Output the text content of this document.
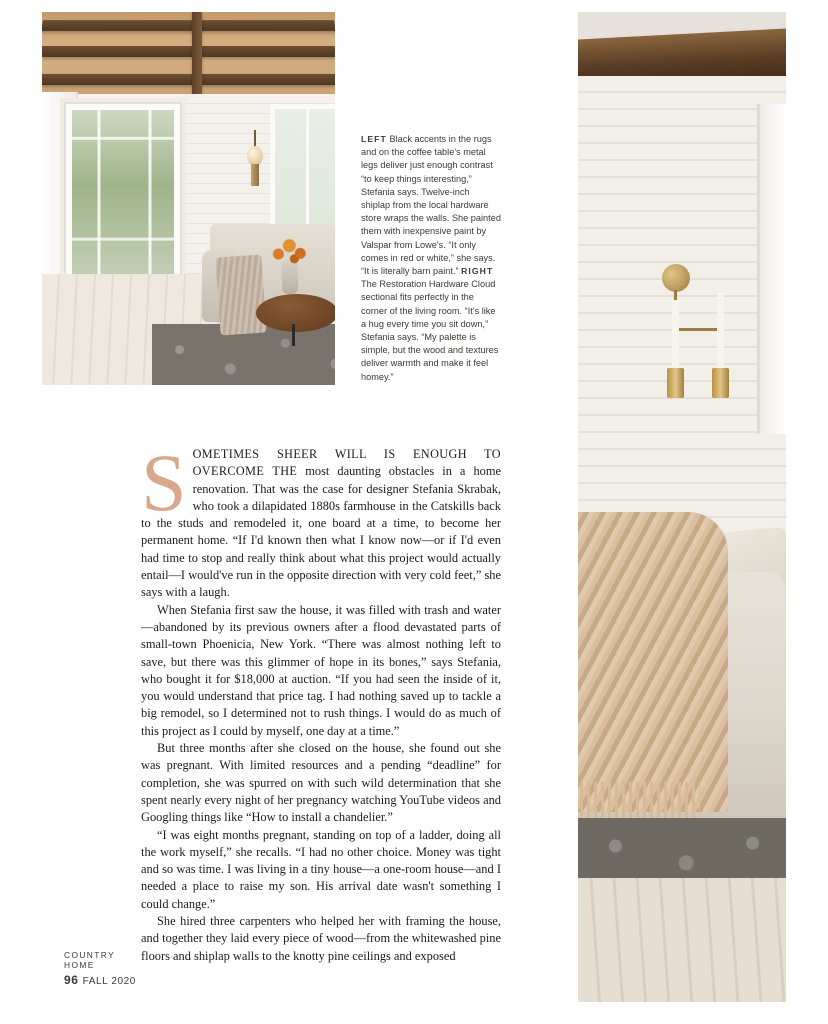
LEFT Black accents in the rugs and on the coffee table's metal legs deliver just enough contrast “to keep things interesting,” Stefania says. Twelve-inch shiplap from the local hardware store wraps the walls. She painted them with inexpensive paint by Valspar from Lowe's. “It only comes in red or white,” she says. “It is literally barn paint.” RIGHT The Restoration Hardware Cloud sectional fits perfectly in the corner of the living room. “It's like a hug every time you sit down,” Stefania says. “My palette is simple, but the wood and textures deliver warmth and make it feel homey.”

SOMETIMES SHEER WILL IS ENOUGH TO OVERCOME THE most daunting obstacles in a home renovation. That was the case for designer Stefania Skrabak, who took a dilapidated 1880s farmhouse in the Catskills back to the studs and remodeled it, one board at a time, to become her permanent home. “If I'd known then what I know now—or if I'd even had time to stop and really think about what this project would actually entail—I would've run in the opposite direction with very cold feet,” she says with a laugh.

When Stefania first saw the house, it was filled with trash and water—abandoned by its previous owners after a flood devastated parts of small-town Phoenicia, New York. “There was almost nothing left to save, but there was this glimmer of hope in its bones,” says Stefania, who bought it for $18,000 at auction. “If you had seen the inside of it, you would understand that price tag. I had nothing saved up to tackle a big remodel, so I determined not to rush things. I would do as much of this project as I could by myself, one day at a time.”

But three months after she closed on the house, she found out she was pregnant. With limited resources and a pending “deadline” for completion, she was spurred on with such wild determination that she spent nearly every night of her pregnancy watching YouTube videos and Googling things like “How to install a chandelier.”

“I was eight months pregnant, standing on top of a ladder, doing all the work myself,” she recalls. “I had no other choice. Money was tight and so was time. I was living in a tiny house—a one-room house—and I needed a place to raise my son. His arrival date wasn't something I could change.”

She hired three carpenters who helped her with framing the house, and together they laid every piece of wood—from the whitewashed pine floors and shiplap walls to the knotty pine ceilings and exposed

COUNTRY
HOME
96 FALL 2020
